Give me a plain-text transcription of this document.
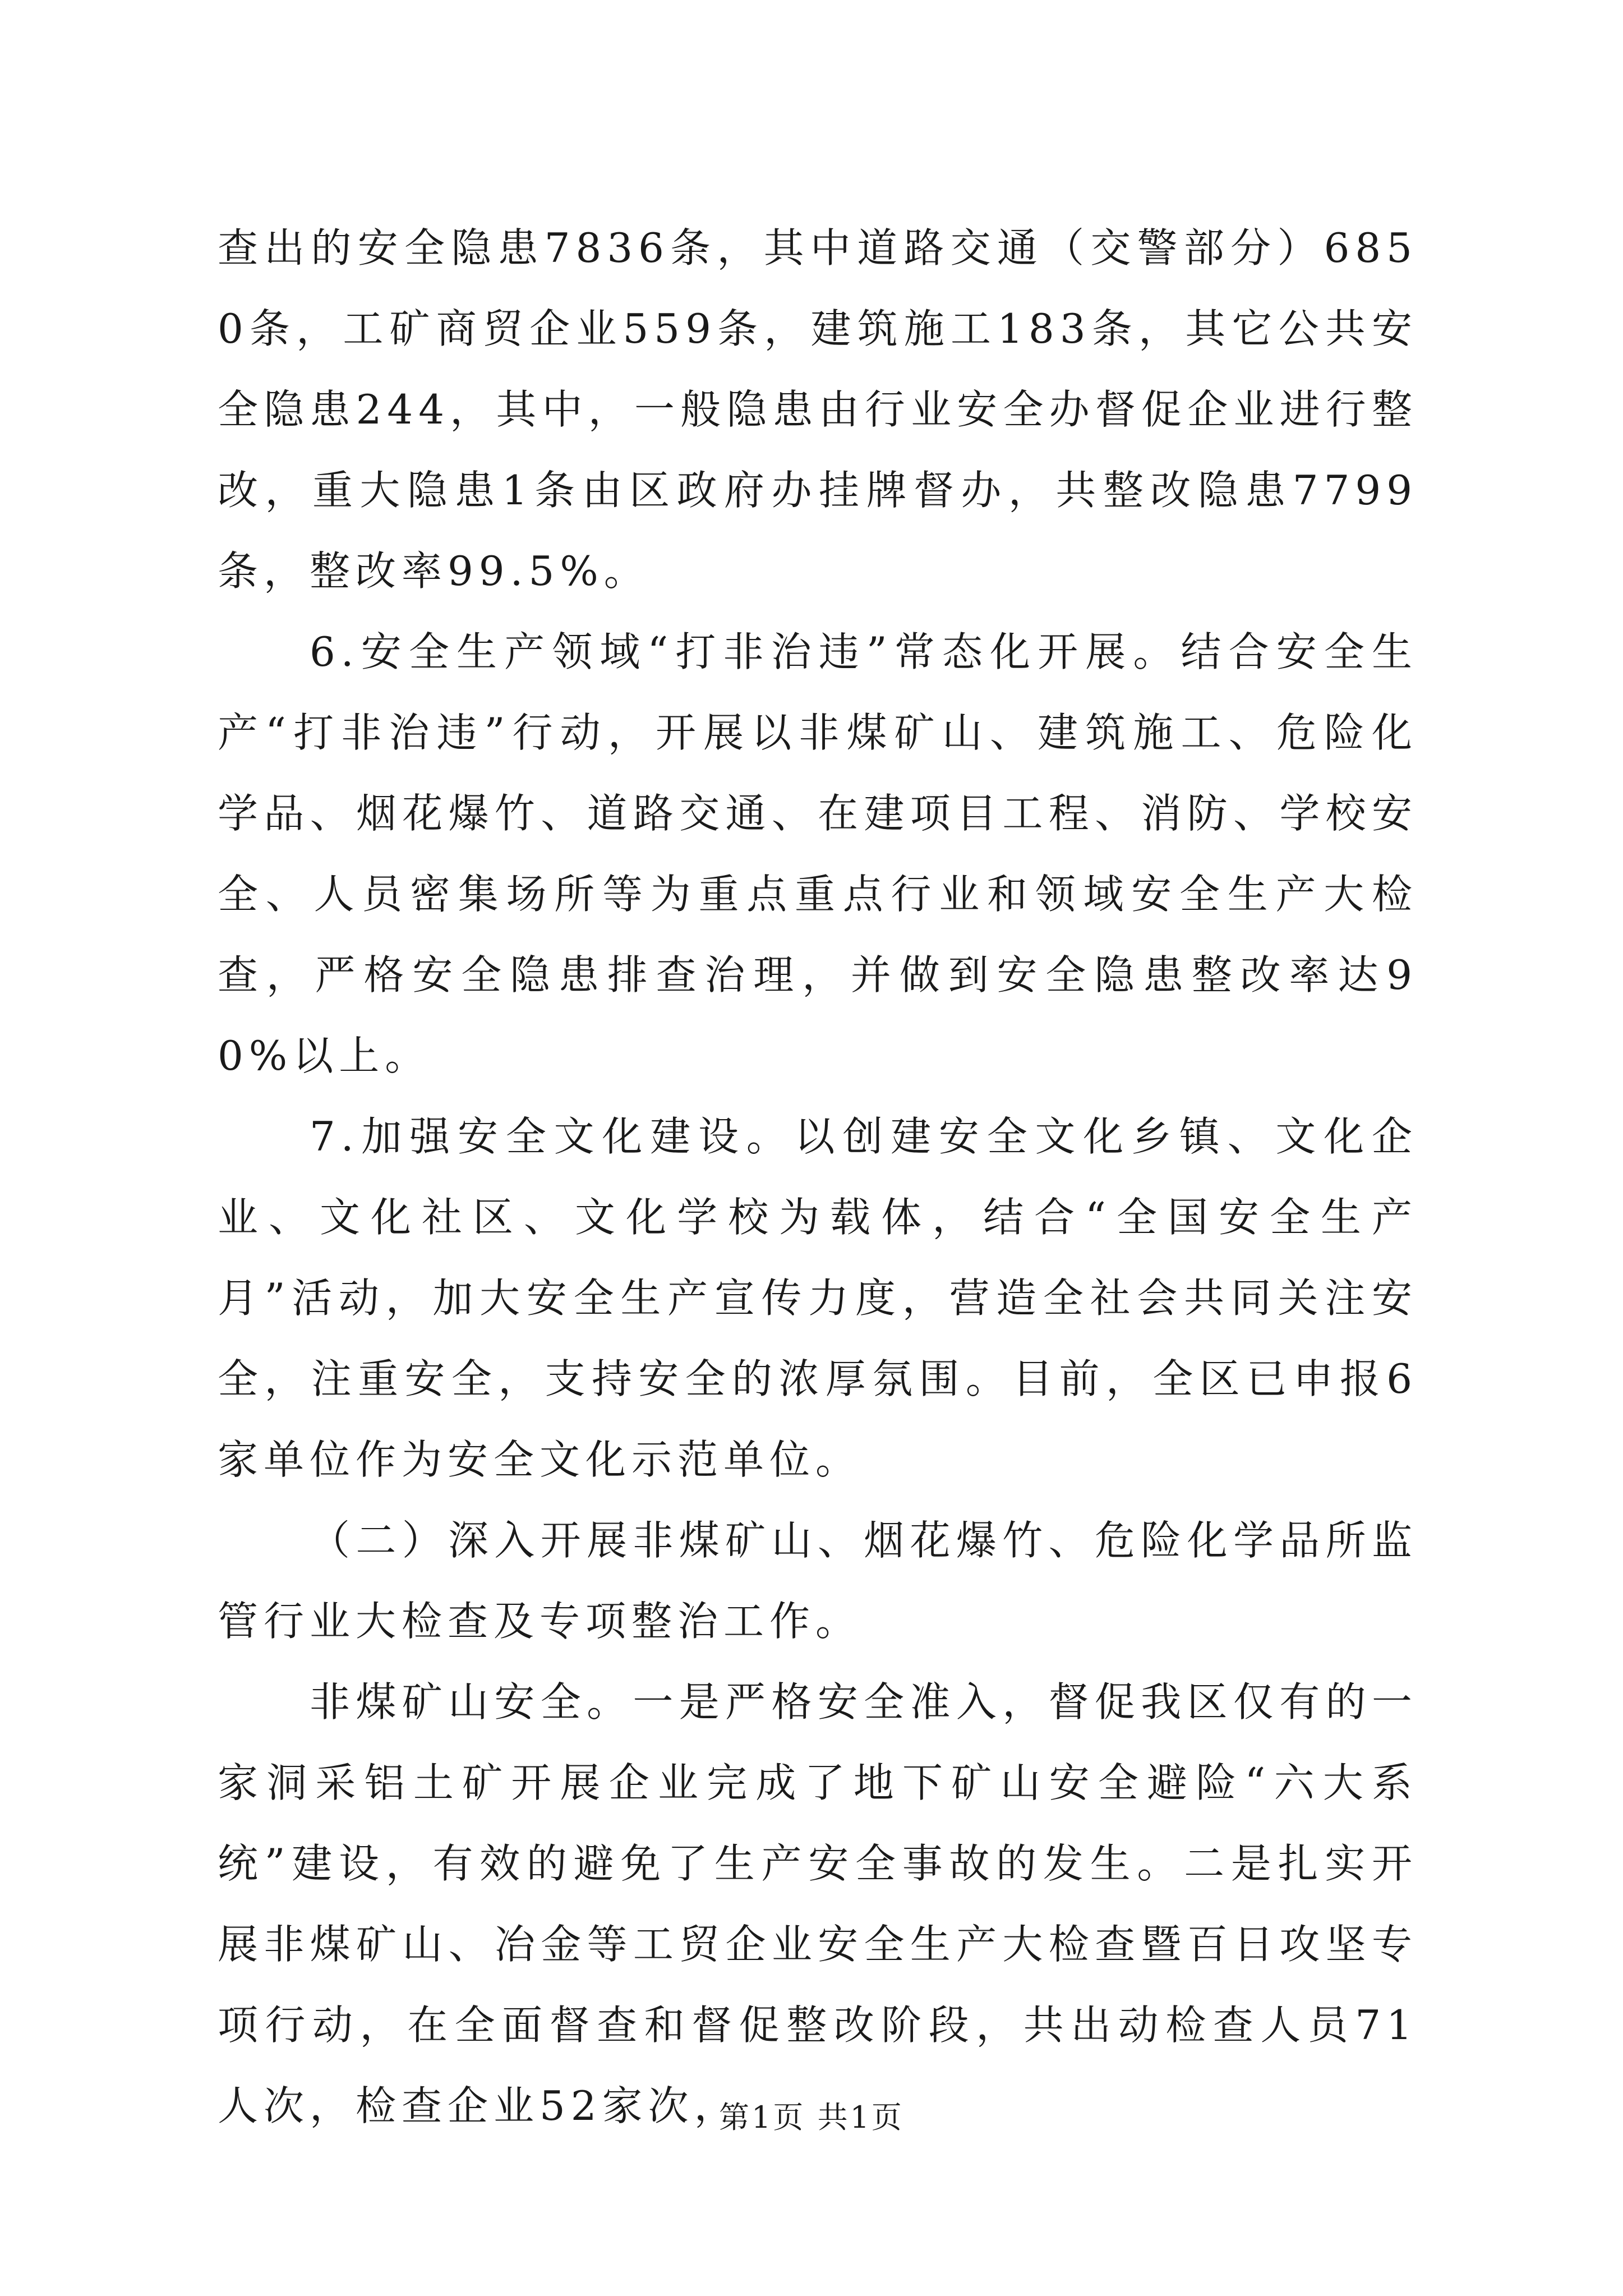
查出的安全隐患7836条，其中道路交通（交警部分）6850条，工矿商贸企业559条，建筑施工183条，其它公共安全隐患244，其中，一般隐患由行业安全办督促企业进行整改，重大隐患1条由区政府办挂牌督办，共整改隐患7799条，整改率99.5%。

6.安全生产领域“打非治违”常态化开展。结合安全生产“打非治违”行动，开展以非煤矿山、建筑施工、危险化学品、烟花爆竹、道路交通、在建项目工程、消防、学校安全、人员密集场所等为重点重点行业和领域安全生产大检查，严格安全隐患排查治理，并做到安全隐患整改率达90%以上。

7.加强安全文化建设。以创建安全文化乡镇、文化企业、文化社区、文化学校为载体，结合“全国安全生产月”活动，加大安全生产宣传力度，营造全社会共同关注安全，注重安全，支持安全的浓厚氛围。目前，全区已申报6家单位作为安全文化示范单位。

（二）深入开展非煤矿山、烟花爆竹、危险化学品所监管行业大检查及专项整治工作。

非煤矿山安全。一是严格安全准入，督促我区仅有的一家洞采铝土矿开展企业完成了地下矿山安全避险“六大系统”建设，有效的避免了生产安全事故的发生。二是扎实开展非煤矿山、冶金等工贸企业安全生产大检查暨百日攻坚专项行动，在全面督查和督促整改阶段，共出动检查人员71人次，检查企业52家次，

第1页 共1页
